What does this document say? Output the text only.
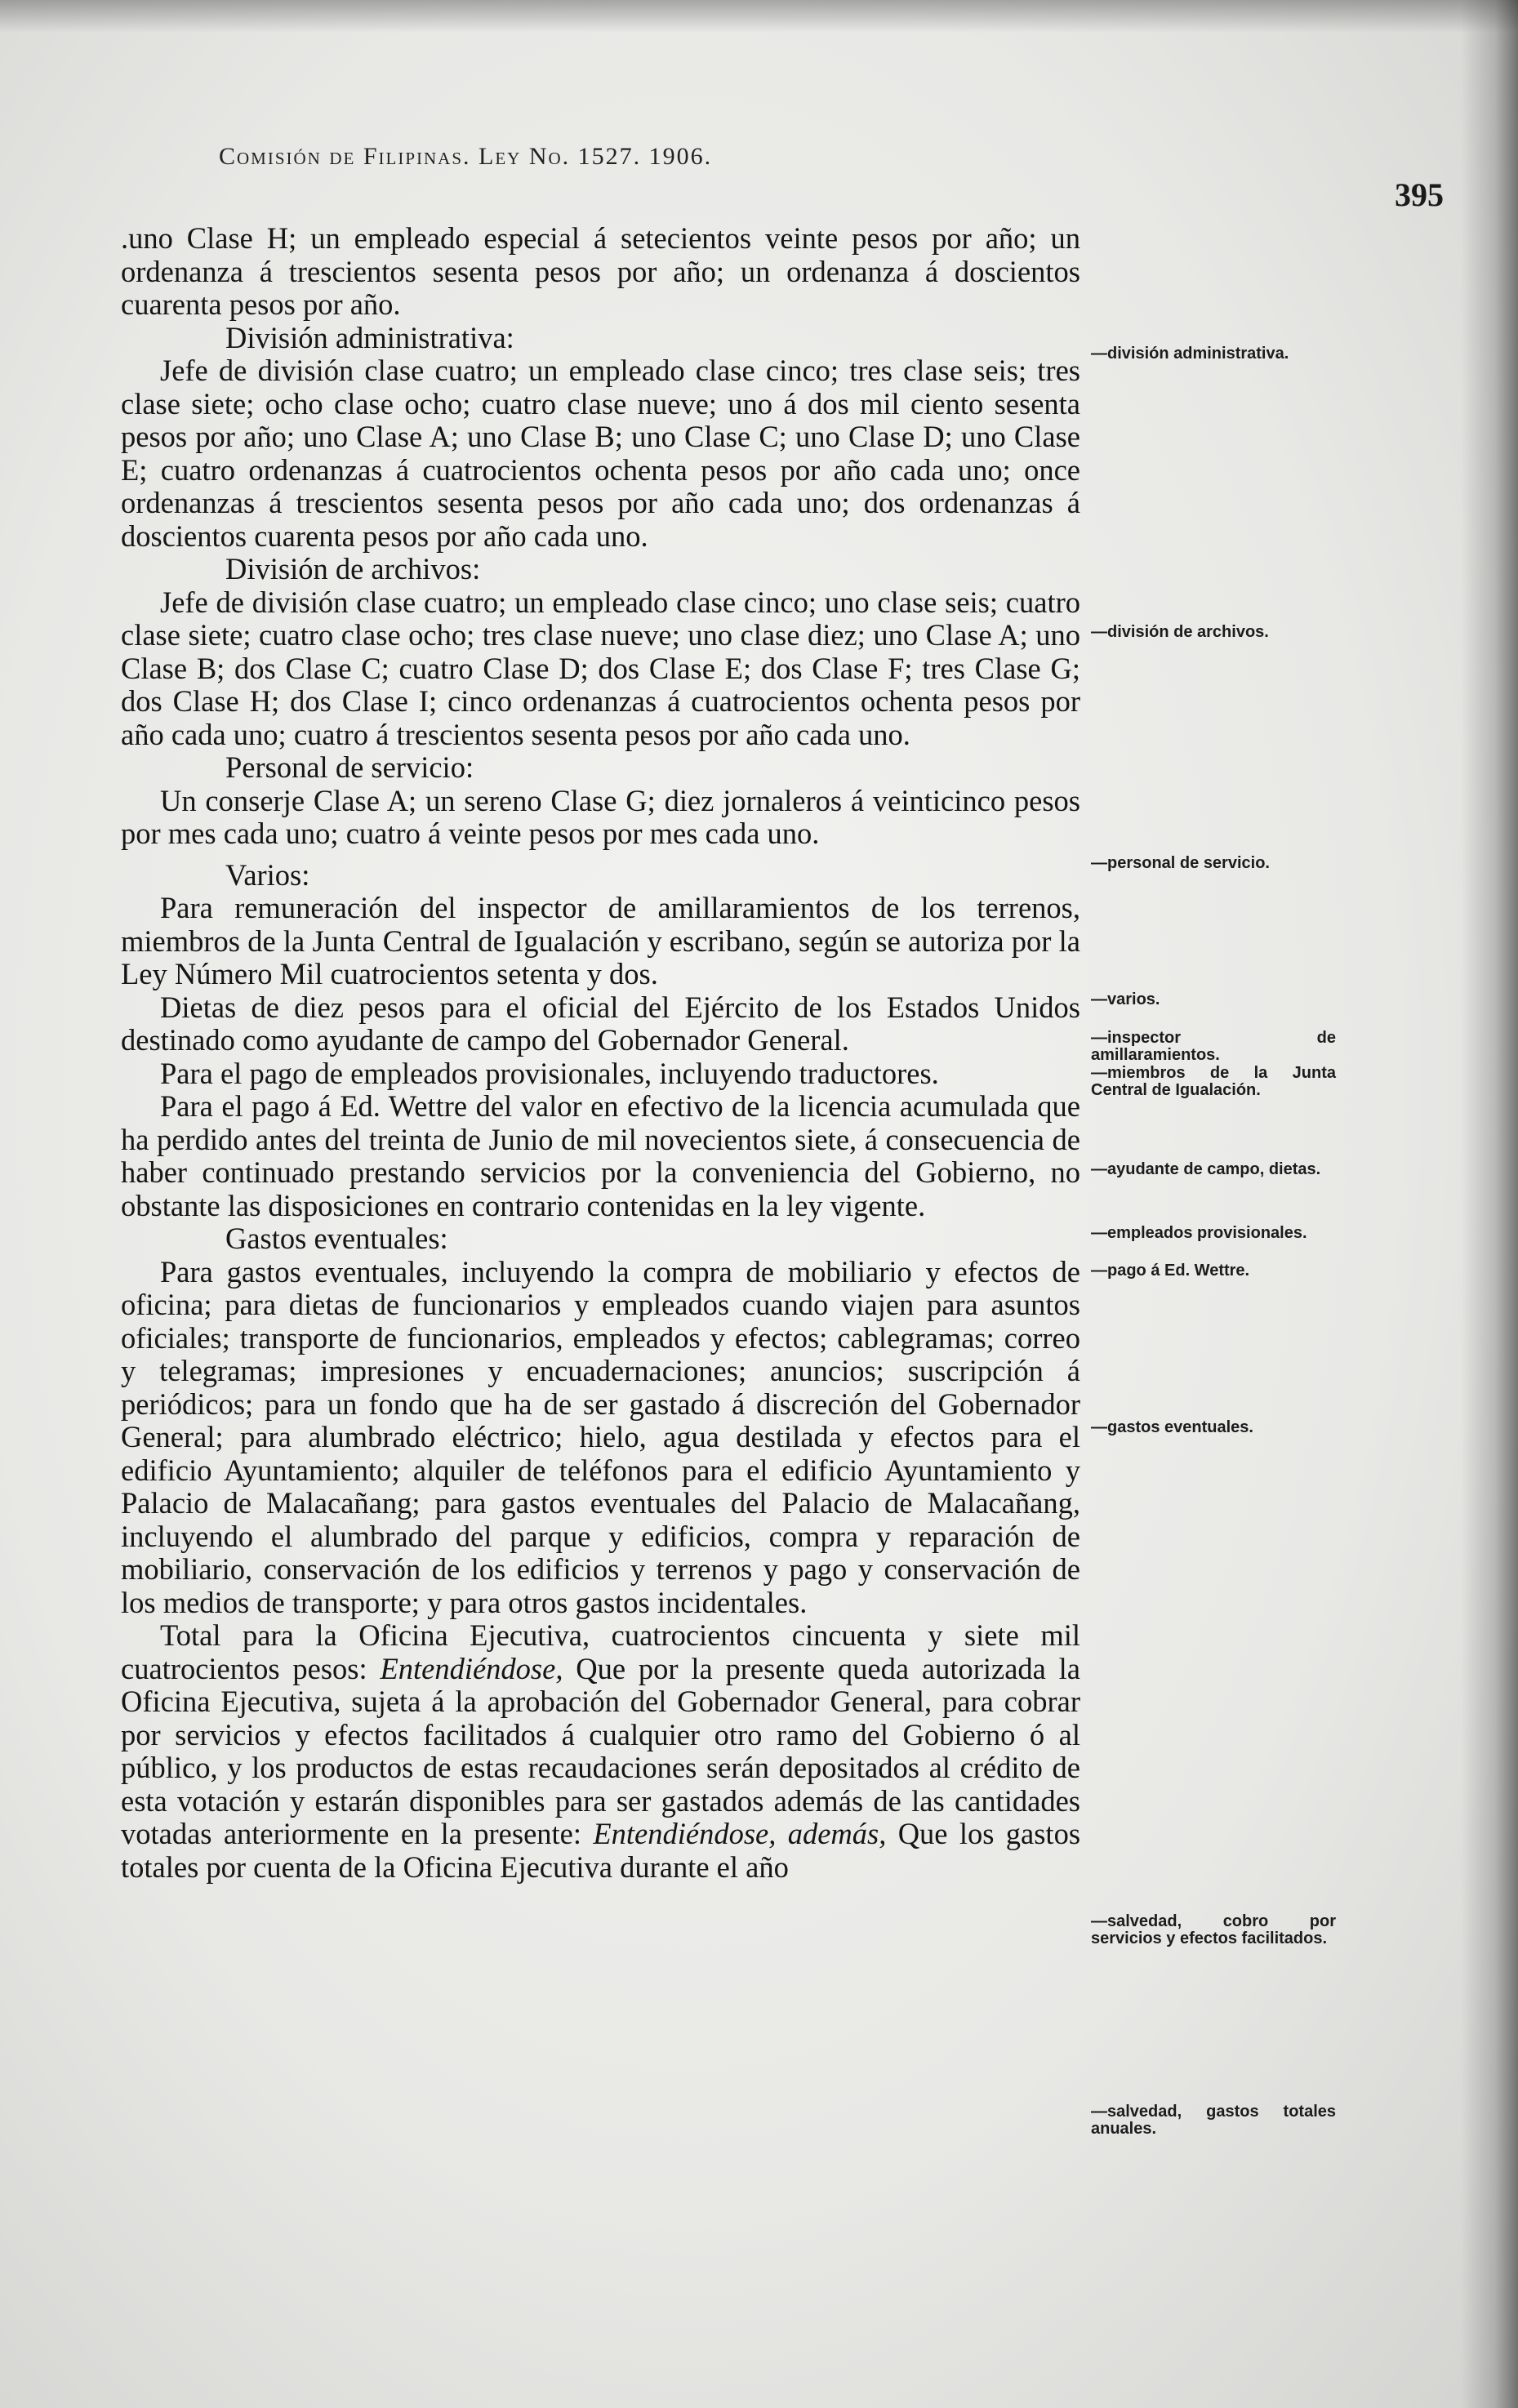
Comisión de Filipinas. Ley No. 1527. 1906.
395

.uno Clase H; un empleado especial á setecientos veinte pesos por año; un ordenanza á trescientos sesenta pesos por año; un ordenanza á doscientos cuarenta pesos por año.

División administrativa:

Jefe de división clase cuatro; un empleado clase cinco; tres clase seis; tres clase siete; ocho clase ocho; cuatro clase nueve; uno á dos mil ciento sesenta pesos por año; uno Clase A; uno Clase B; uno Clase C; uno Clase D; uno Clase E; cuatro ordenanzas á cuatrocientos ochenta pesos por año cada uno; once ordenanzas á trescientos sesenta pesos por año cada uno; dos ordenanzas á doscientos cuarenta pesos por año cada uno.

División de archivos:

Jefe de división clase cuatro; un empleado clase cinco; uno clase seis; cuatro clase siete; cuatro clase ocho; tres clase nueve; uno clase diez; uno Clase A; uno Clase B; dos Clase C; cuatro Clase D; dos Clase E; dos Clase F; tres Clase G; dos Clase H; dos Clase I; cinco ordenanzas á cuatrocientos ochenta pesos por año cada uno; cuatro á trescientos sesenta pesos por año cada uno.

Personal de servicio:

Un conserje Clase A; un sereno Clase G; diez jornaleros á veinticinco pesos por mes cada uno; cuatro á veinte pesos por mes cada uno.

Varios:

Para remuneración del inspector de amillaramientos de los terrenos, miembros de la Junta Central de Igualación y escribano, según se autoriza por la Ley Número Mil cuatrocientos setenta y dos.

Dietas de diez pesos para el oficial del Ejército de los Estados Unidos destinado como ayudante de campo del Gobernador General.

Para el pago de empleados provisionales, incluyendo traductores.

Para el pago á Ed. Wettre del valor en efectivo de la licencia acumulada que ha perdido antes del treinta de Junio de mil novecientos siete, á consecuencia de haber continuado prestando servicios por la conveniencia del Gobierno, no obstante las disposiciones en contrario contenidas en la ley vigente.

Gastos eventuales:

Para gastos eventuales, incluyendo la compra de mobiliario y efectos de oficina; para dietas de funcionarios y empleados cuando viajen para asuntos oficiales; transporte de funcionarios, empleados y efectos; cablegramas; correo y telegramas; impresiones y encuadernaciones; anuncios; suscripción á periódicos; para un fondo que ha de ser gastado á discreción del Gobernador General; para alumbrado eléctrico; hielo, agua destilada y efectos para el edificio Ayuntamiento; alquiler de teléfonos para el edificio Ayuntamiento y Palacio de Malacañang; para gastos eventuales del Palacio de Malacañang, incluyendo el alumbrado del parque y edificios, compra y reparación de mobiliario, conservación de los edificios y terrenos y pago y conservación de los medios de transporte; y para otros gastos incidentales.

Total para la Oficina Ejecutiva, cuatrocientos cincuenta y siete mil cuatrocientos pesos: Entendiéndose, Que por la presente queda autorizada la Oficina Ejecutiva, sujeta á la aprobación del Gobernador General, para cobrar por servicios y efectos facilitados á cualquier otro ramo del Gobierno ó al público, y los productos de estas recaudaciones serán depositados al crédito de esta votación y estarán disponibles para ser gastados además de las cantidades votadas anteriormente en la presente: Entendiéndose, además, Que los gastos totales por cuenta de la Oficina Ejecutiva durante el año

—división administrativa.
—división de archivos.
—personal de servicio.
—varios.
—inspector de amillaramientos.
—miembros de la Junta Central de Igualación.
—ayudante de campo, dietas.
—empleados provisionales.
—pago á Ed. Wettre.
—gastos eventuales.
—salvedad, cobro por servicios y efectos facilitados.
—salvedad, gastos totales anuales.
